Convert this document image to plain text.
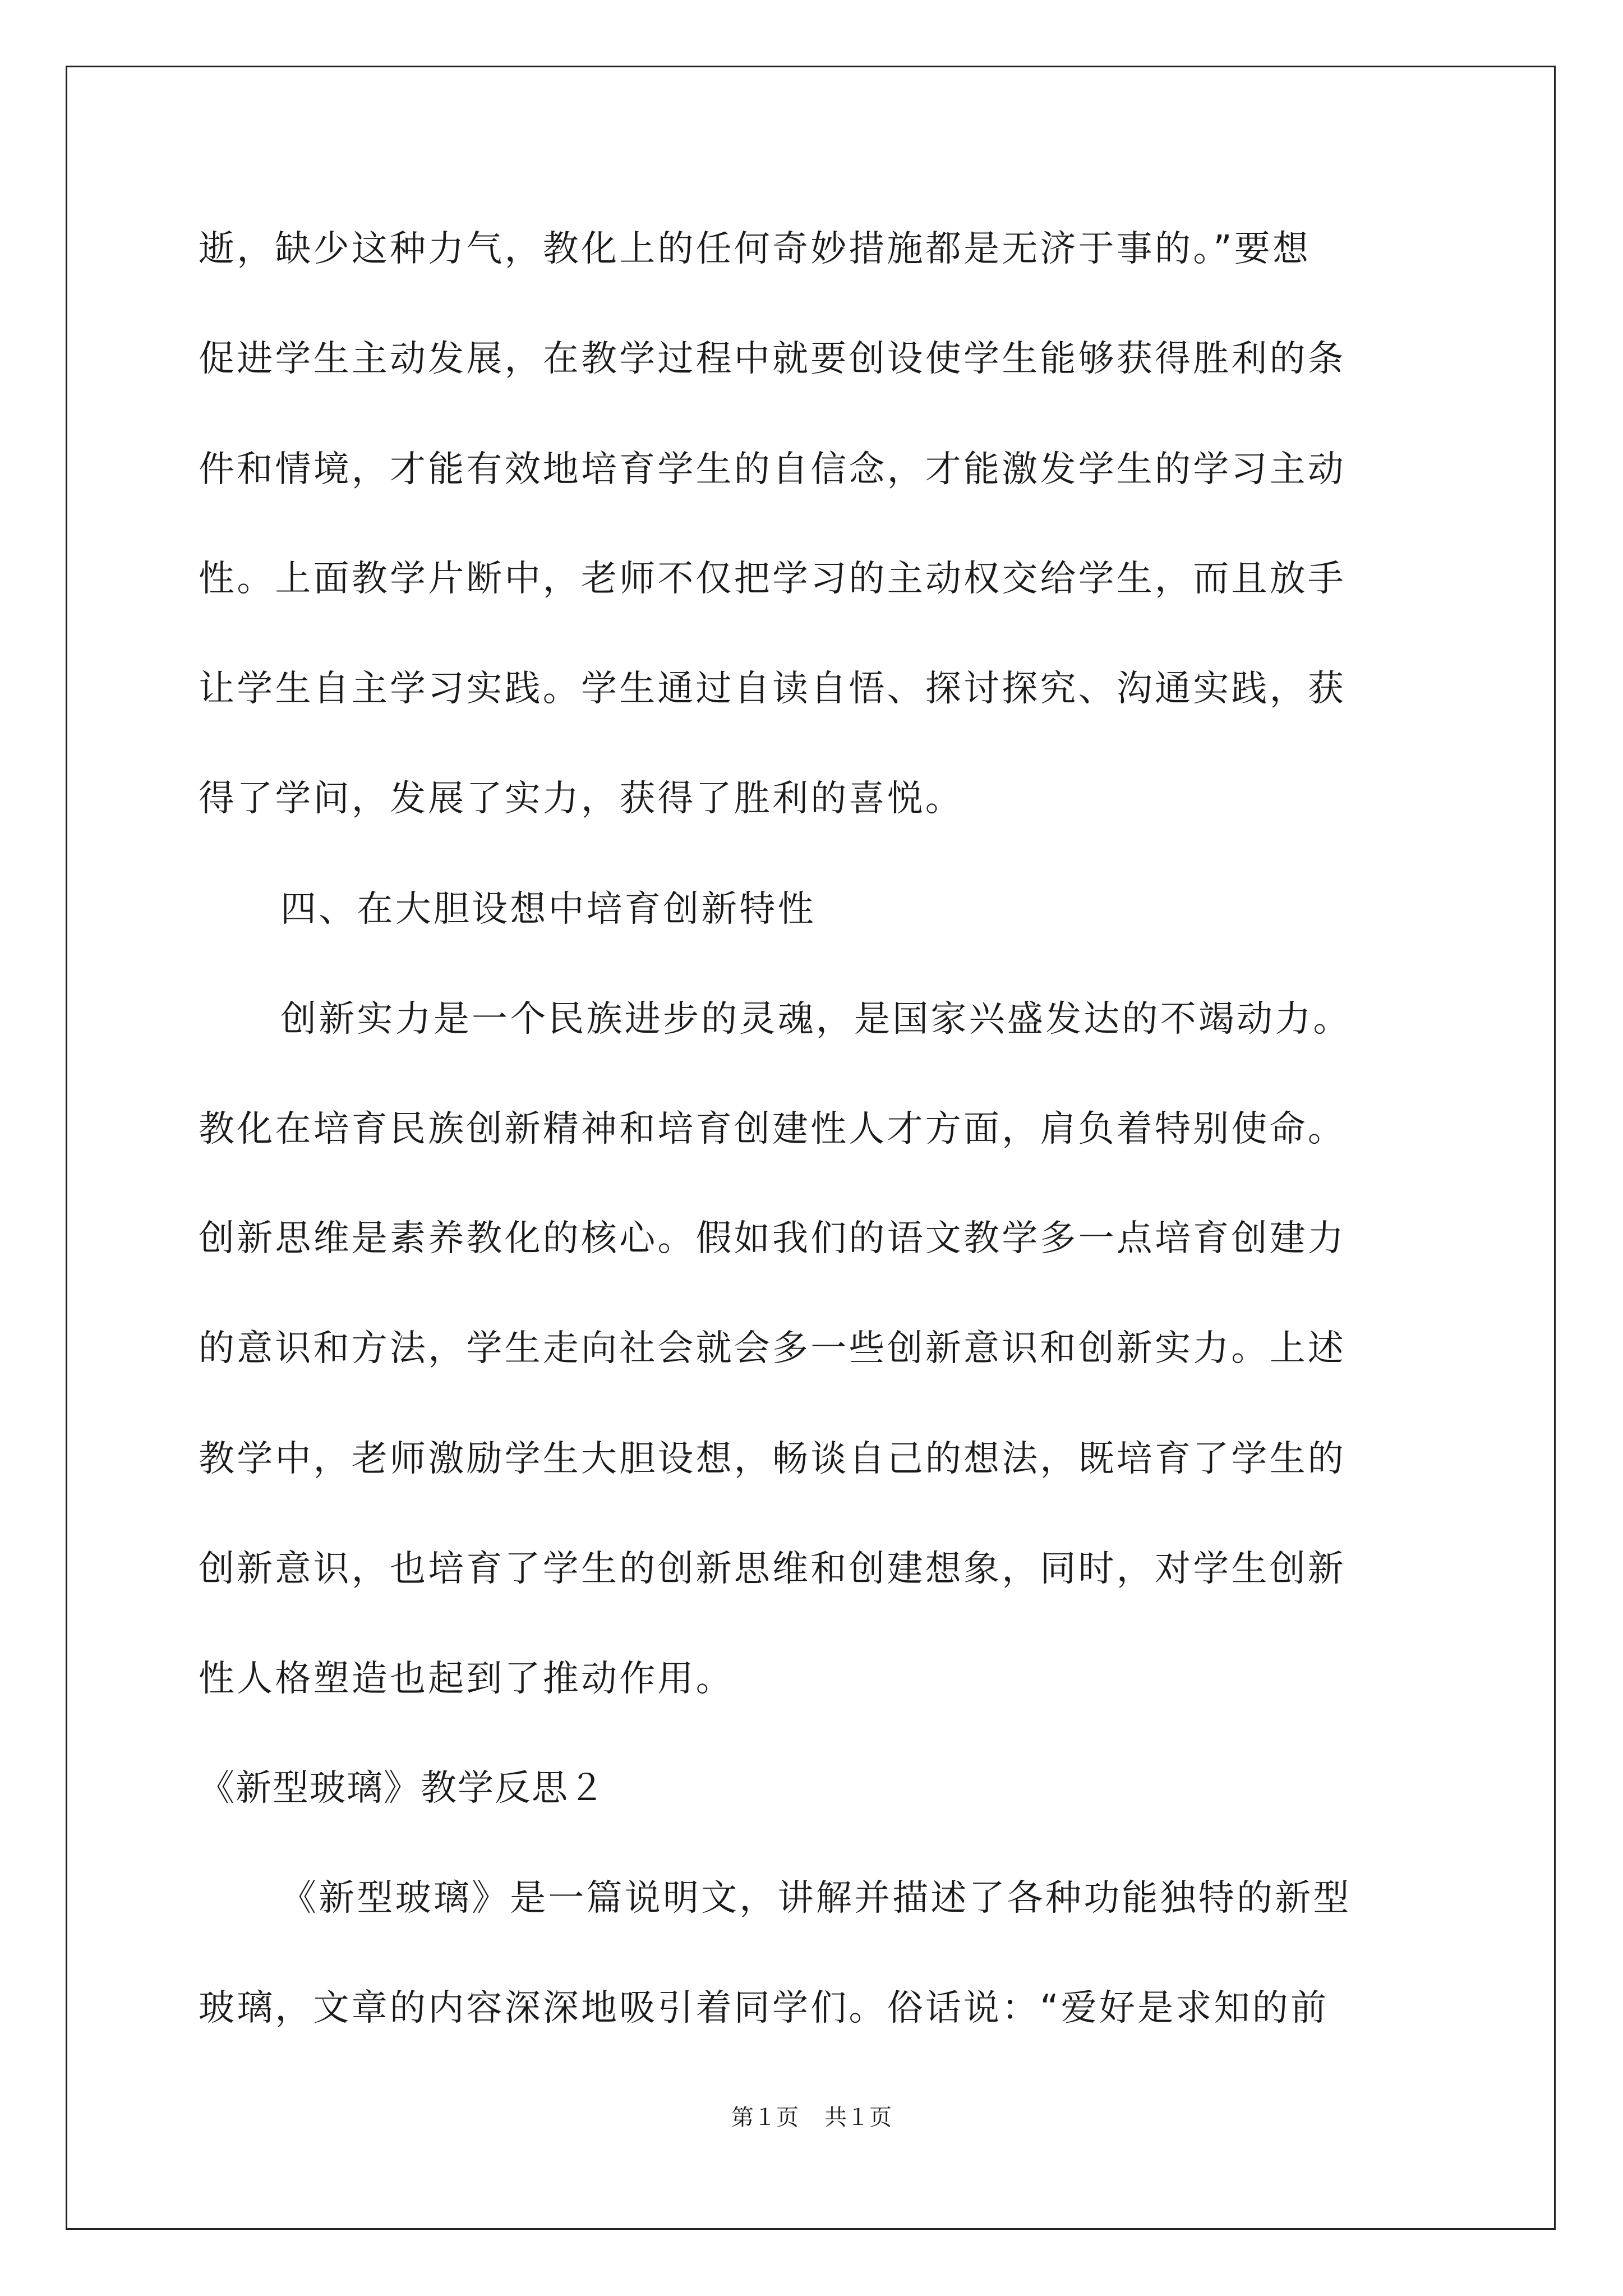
逝，缺少这种力气，教化上的任何奇妙措施都是无济于事的。”要想
促进学生主动发展，在教学过程中就要创设使学生能够获得胜利的条
件和情境，才能有效地培育学生的自信念，才能激发学生的学习主动
性。上面教学片断中，老师不仅把学习的主动权交给学生，而且放手
让学生自主学习实践。学生通过自读自悟、探讨探究、沟通实践，获
得了学问，发展了实力，获得了胜利的喜悦。
四、在大胆设想中培育创新特性
创新实力是一个民族进步的灵魂，是国家兴盛发达的不竭动力。
教化在培育民族创新精神和培育创建性人才方面，肩负着特别使命。
创新思维是素养教化的核心。假如我们的语文教学多一点培育创建力
的意识和方法，学生走向社会就会多一些创新意识和创新实力。上述
教学中，老师激励学生大胆设想，畅谈自己的想法，既培育了学生的
创新意识，也培育了学生的创新思维和创建想象，同时，对学生创新
性人格塑造也起到了推动作用。
《新型玻璃》教学反思２
《新型玻璃》是一篇说明文，讲解并描述了各种功能独特的新型
玻璃，文章的内容深深地吸引着同学们。俗话说：“爱好是求知的前
第１页 共１页
